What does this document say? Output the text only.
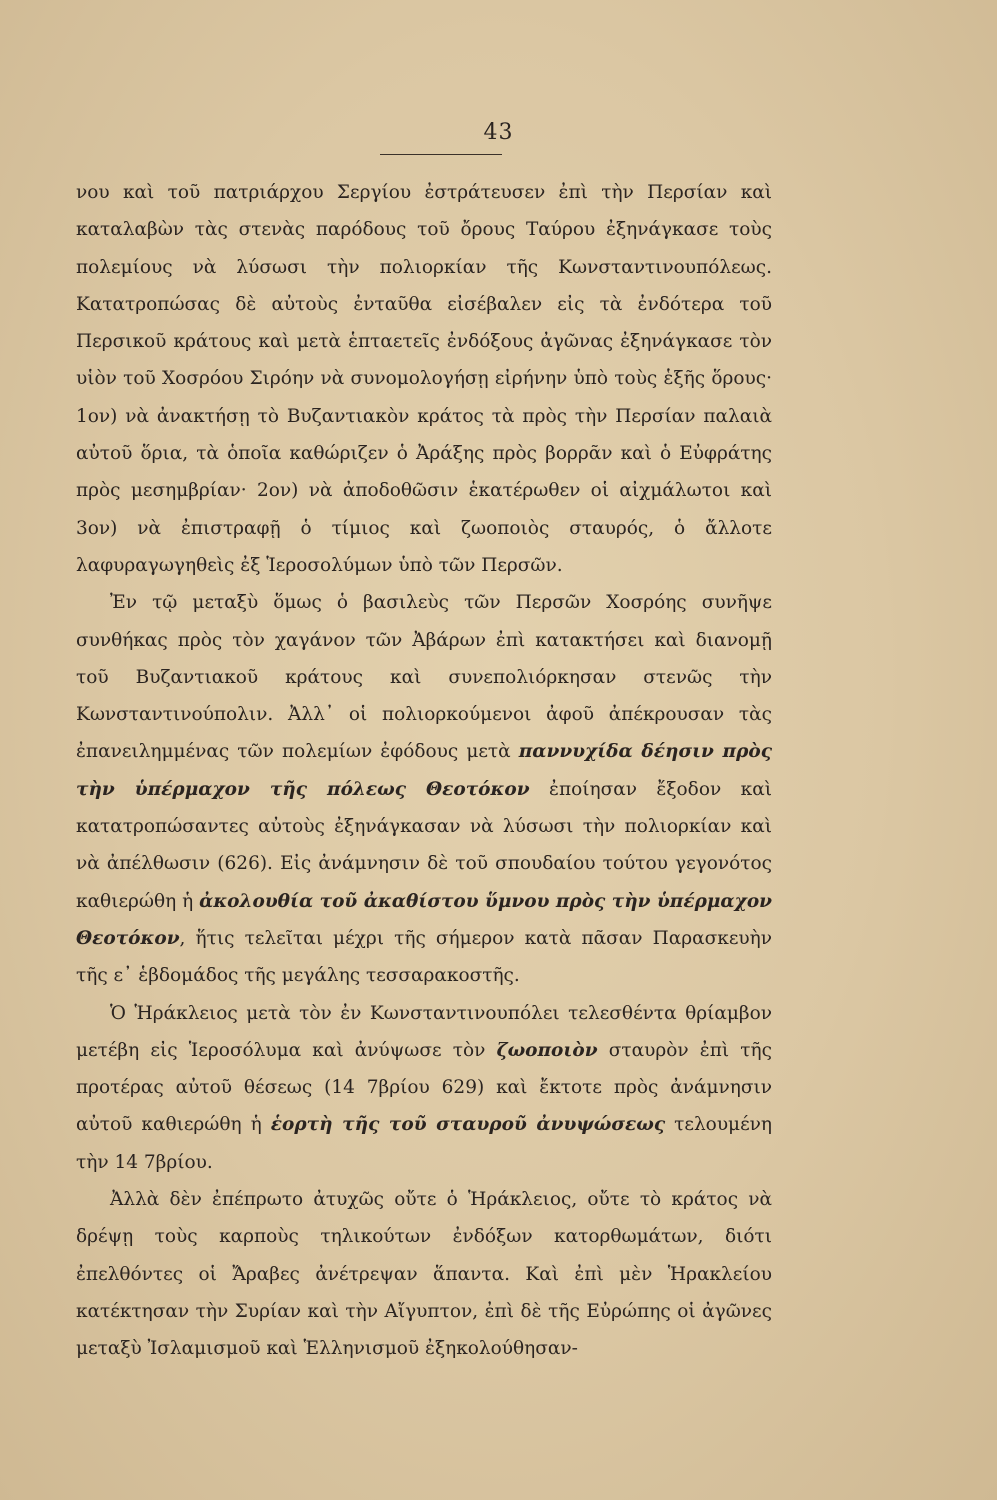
43

νου καὶ τοῦ πατριάρχου Σεργίου ἐστράτευσεν ἐπὶ τὴν Περσίαν καὶ καταλαβὼν τὰς στενὰς παρόδους τοῦ ὄρους Ταύρου ἐξηνάγκασε τοὺς πολεμίους νὰ λύσωσι τὴν πολιορκίαν τῆς Κωνσταντινουπόλεως. Κατατροπώσας δὲ αὐτοὺς ἐνταῦθα εἰσέβαλεν εἰς τὰ ἐνδότερα τοῦ Περσικοῦ κράτους καὶ μετὰ ἑπταετεῖς ἐνδόξους ἀγῶνας ἐξηνάγκασε τὸν υἱὸν τοῦ Χοσρόου Σιρόην νὰ συνομολογήσῃ εἰρήνην ὑπὸ τοὺς ἑξῆς ὅρους· 1ον) νὰ ἀνακτήσῃ τὸ Βυζαντιακὸν κράτος τὰ πρὸς τὴν Περσίαν παλαιὰ αὐτοῦ ὅρια, τὰ ὁποῖα καθώριζεν ὁ Ἀράξης πρὸς βορρᾶν καὶ ὁ Εὐφράτης πρὸς μεσημβρίαν· 2ον) νὰ ἀποδοθῶσιν ἑκατέρωθεν οἱ αἰχμάλωτοι καὶ 3ον) νὰ ἐπιστραφῇ ὁ τίμιος καὶ ζωοποιὸς σταυρός, ὁ ἄλλοτε λαφυραγωγηθεὶς ἐξ Ἱεροσολύμων ὑπὸ τῶν Περσῶν.

Ἐν τῷ μεταξὺ ὅμως ὁ βασιλεὺς τῶν Περσῶν Χοσρόης συνῆψε συνθήκας πρὸς τὸν χαγάνον τῶν Ἀβάρων ἐπὶ κατακτήσει καὶ διανομῇ τοῦ Βυζαντιακοῦ κράτους καὶ συνεπολιόρκησαν στενῶς τὴν Κωνσταντινούπολιν. Ἀλλ᾽ οἱ πολιορκούμενοι ἀφοῦ ἀπέκρουσαν τὰς ἐπανειλημμένας τῶν πολεμίων ἐφόδους μετὰ παννυχίδα δέησιν πρὸς τὴν ὑπέρμαχον τῆς πόλεως Θεοτόκον ἐποίησαν ἔξοδον καὶ κατατροπώσαντες αὐτοὺς ἐξηνάγκασαν νὰ λύσωσι τὴν πολιορκίαν καὶ νὰ ἀπέλθωσιν (626). Εἰς ἀνάμνησιν δὲ τοῦ σπουδαίου τούτου γεγονότος καθιερώθη ἡ ἀκολουθία τοῦ ἀκαθίστου ὕμνου πρὸς τὴν ὑπέρμαχον Θεοτόκον, ἥτις τελεῖται μέχρι τῆς σήμερον κατὰ πᾶσαν Παρασκευὴν τῆς ε᾽ ἑβδομάδος τῆς μεγάλης τεσσαρακοστῆς.

Ὁ Ἡράκλειος μετὰ τὸν ἐν Κωνσταντινουπόλει τελεσθέντα θρίαμβον μετέβη εἰς Ἱεροσόλυμα καὶ ἀνύψωσε τὸν ζωοποιὸν σταυρὸν ἐπὶ τῆς προτέρας αὐτοῦ θέσεως (14 7βρίου 629) καὶ ἔκτοτε πρὸς ἀνάμνησιν αὐτοῦ καθιερώθη ἡ ἑορτὴ τῆς τοῦ σταυροῦ ἀνυψώσεως τελουμένη τὴν 14 7βρίου.

Ἀλλὰ δὲν ἐπέπρωτο ἀτυχῶς οὔτε ὁ Ἡράκλειος, οὔτε τὸ κράτος νὰ δρέψῃ τοὺς καρποὺς τηλικούτων ἐνδόξων κατορθωμάτων, διότι ἐπελθόντες οἱ Ἄραβες ἀνέτρεψαν ἅπαντα. Καὶ ἐπὶ μὲν Ἡρακλείου κατέκτησαν τὴν Συρίαν καὶ τὴν Αἴγυπτον, ἐπὶ δὲ τῆς Εὐρώπης οἱ ἀγῶνες μεταξὺ Ἰσλαμισμοῦ καὶ Ἑλληνισμοῦ ἐξηκολούθησαν-
